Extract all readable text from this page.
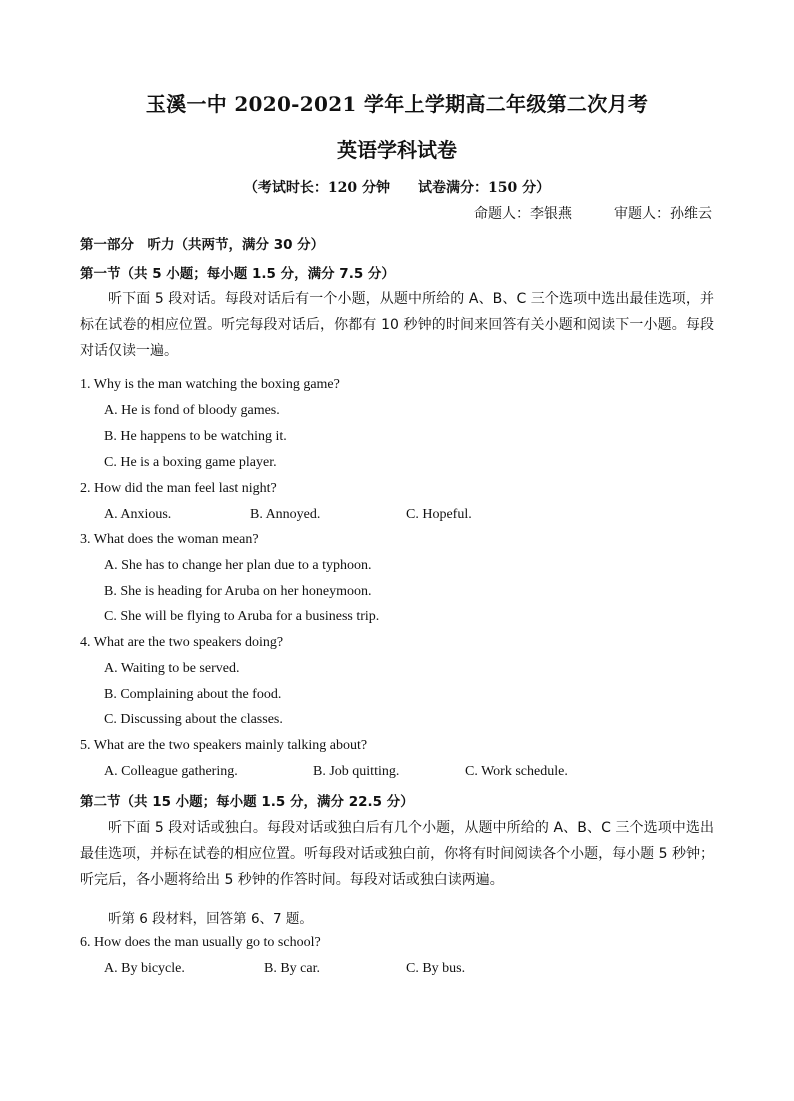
玉溪一中 2020-2021 学年上学期高二年级第二次月考
英语学科试卷
（考试时长：120 分钟 试卷满分：150 分）
命题人：李银燕	审题人：孙维云
第一部分　听力（共两节，满分 30 分）
第一节（共 5 小题；每小题 1.5 分，满分 7.5 分）
听下面 5 段对话。每段对话后有一个小题，从题中所给的 A、B、C 三个选项中选出最佳选项，并标在试卷的相应位置。听完每段对话后，你都有 10 秒钟的时间来回答有关小题和阅读下一小题。每段对话仅读一遍。
1. Why is the man watching the boxing game?
A. He is fond of bloody games.
B. He happens to be watching it.
C. He is a boxing game player.
2. How did the man feel last night?
A. Anxious.	B. Annoyed.	C. Hopeful.
3. What does the woman mean?
A. She has to change her plan due to a typhoon.
B. She is heading for Aruba on her honeymoon.
C. She will be flying to Aruba for a business trip.
4. What are the two speakers doing?
A. Waiting to be served.
B. Complaining about the food.
C. Discussing about the classes.
5. What are the two speakers mainly talking about?
A. Colleague gathering.	B. Job quitting.	C. Work schedule.
第二节（共 15 小题；每小题 1.5 分，满分 22.5 分）
听下面 5 段对话或独白。每段对话或独白后有几个小题，从题中所给的 A、B、C 三个选项中选出最佳选项，并标在试卷的相应位置。听每段对话或独白前，你将有时间阅读各个小题，每小题 5 秒钟；听完后，各小题将给出 5 秒钟的作答时间。每段对话或独白读两遍。
听第 6 段材料，回答第 6、7 题。
6. How does the man usually go to school?
A. By bicycle.	B. By car.	C. By bus.
